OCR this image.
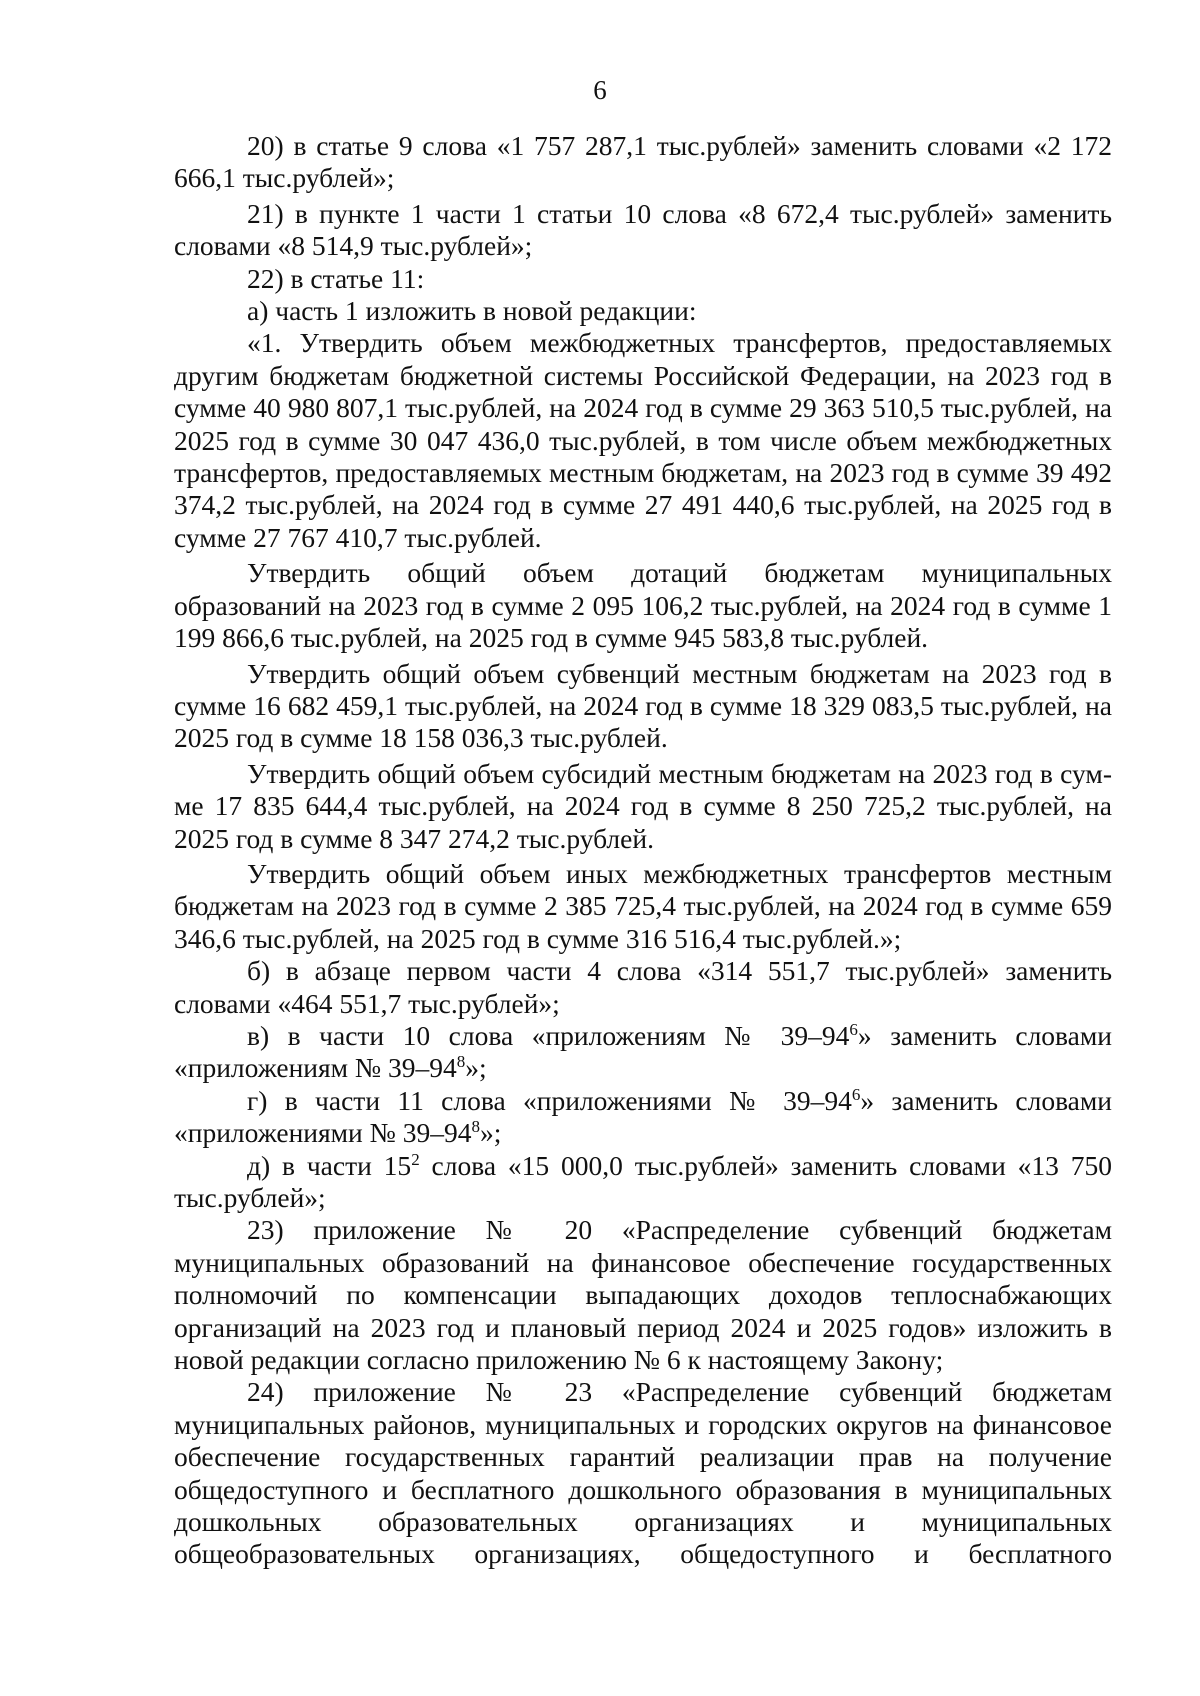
6

20) в статье 9 слова «1 757 287,1 тыс.рублей» заменить словами «2 172 666,1 тыс.рублей»;

21) в пункте 1 части 1 статьи 10 слова «8 672,4 тыс.рублей» заменить словами «8 514,9 тыс.рублей»;

22) в статье 11:

а) часть 1 изложить в новой редакции:

«1. Утвердить объем межбюджетных трансфертов, предоставляемых другим бюджетам бюджетной системы Российской Федерации, на 2023 год в сумме 40 980 807,1 тыс.рублей, на 2024 год в сумме 29 363 510,5 тыс.рублей, на 2025 год в сумме 30 047 436,0 тыс.рублей, в том числе объем межбюджетных трансфертов, предоставляемых местным бюджетам, на 2023 год в сумме 39 492 374,2 тыс.рублей, на 2024 год в сумме 27 491 440,6 тыс.рублей, на 2025 год в сумме 27 767 410,7 тыс.рублей.

Утвердить общий объем дотаций бюджетам муниципальных образований на 2023 год в сумме 2 095 106,2 тыс.рублей, на 2024 год в сумме 1 199 866,6 тыс.рублей, на 2025 год в сумме 945 583,8 тыс.рублей.

Утвердить общий объем субвенций местным бюджетам на 2023 год в сумме 16 682 459,1 тыс.рублей, на 2024 год в сумме 18 329 083,5 тыс.рублей, на 2025 год в сумме 18 158 036,3 тыс.рублей.

Утвердить общий объем субсидий местным бюджетам на 2023 год в сумме 17 835 644,4 тыс.рублей, на 2024 год в сумме 8 250 725,2 тыс.рублей, на 2025 год в сумме 8 347 274,2 тыс.рублей.

Утвердить общий объем иных межбюджетных трансфертов местным бюджетам на 2023 год в сумме 2 385 725,4 тыс.рублей, на 2024 год в сумме 659 346,6 тыс.рублей, на 2025 год в сумме 316 516,4 тыс.рублей.»;

б) в абзаце первом части 4 слова «314 551,7 тыс.рублей» заменить словами «464 551,7 тыс.рублей»;

в) в части 10 слова «приложениям № $39-94^6$» заменить словами «приложениям № $39-94^8$»;

г) в части 11 слова «приложениями № $39-94^6$» заменить словами «приложениями № $39-94^8$»;

д) в части $15^2$ слова «15 000,0 тыс.рублей» заменить словами «13 750 тыс.рублей»;

23) приложение № 20 «Распределение субвенций бюджетам муниципальных образований на финансовое обеспечение государственных полномочий по компенсации выпадающих доходов теплоснабжающих организаций на 2023 год и плановый период 2024 и 2025 годов» изложить в новой редакции согласно приложению № 6 к настоящему Закону;

24) приложение № 23 «Распределение субвенций бюджетам муниципальных районов, муниципальных и городских округов на финансовое обеспечение государственных гарантий реализации прав на получение общедоступного и бесплатного дошкольного образования в муниципальных дошкольных образовательных организациях и муниципальных общеобразовательных организациях, общедоступного и бесплатного
